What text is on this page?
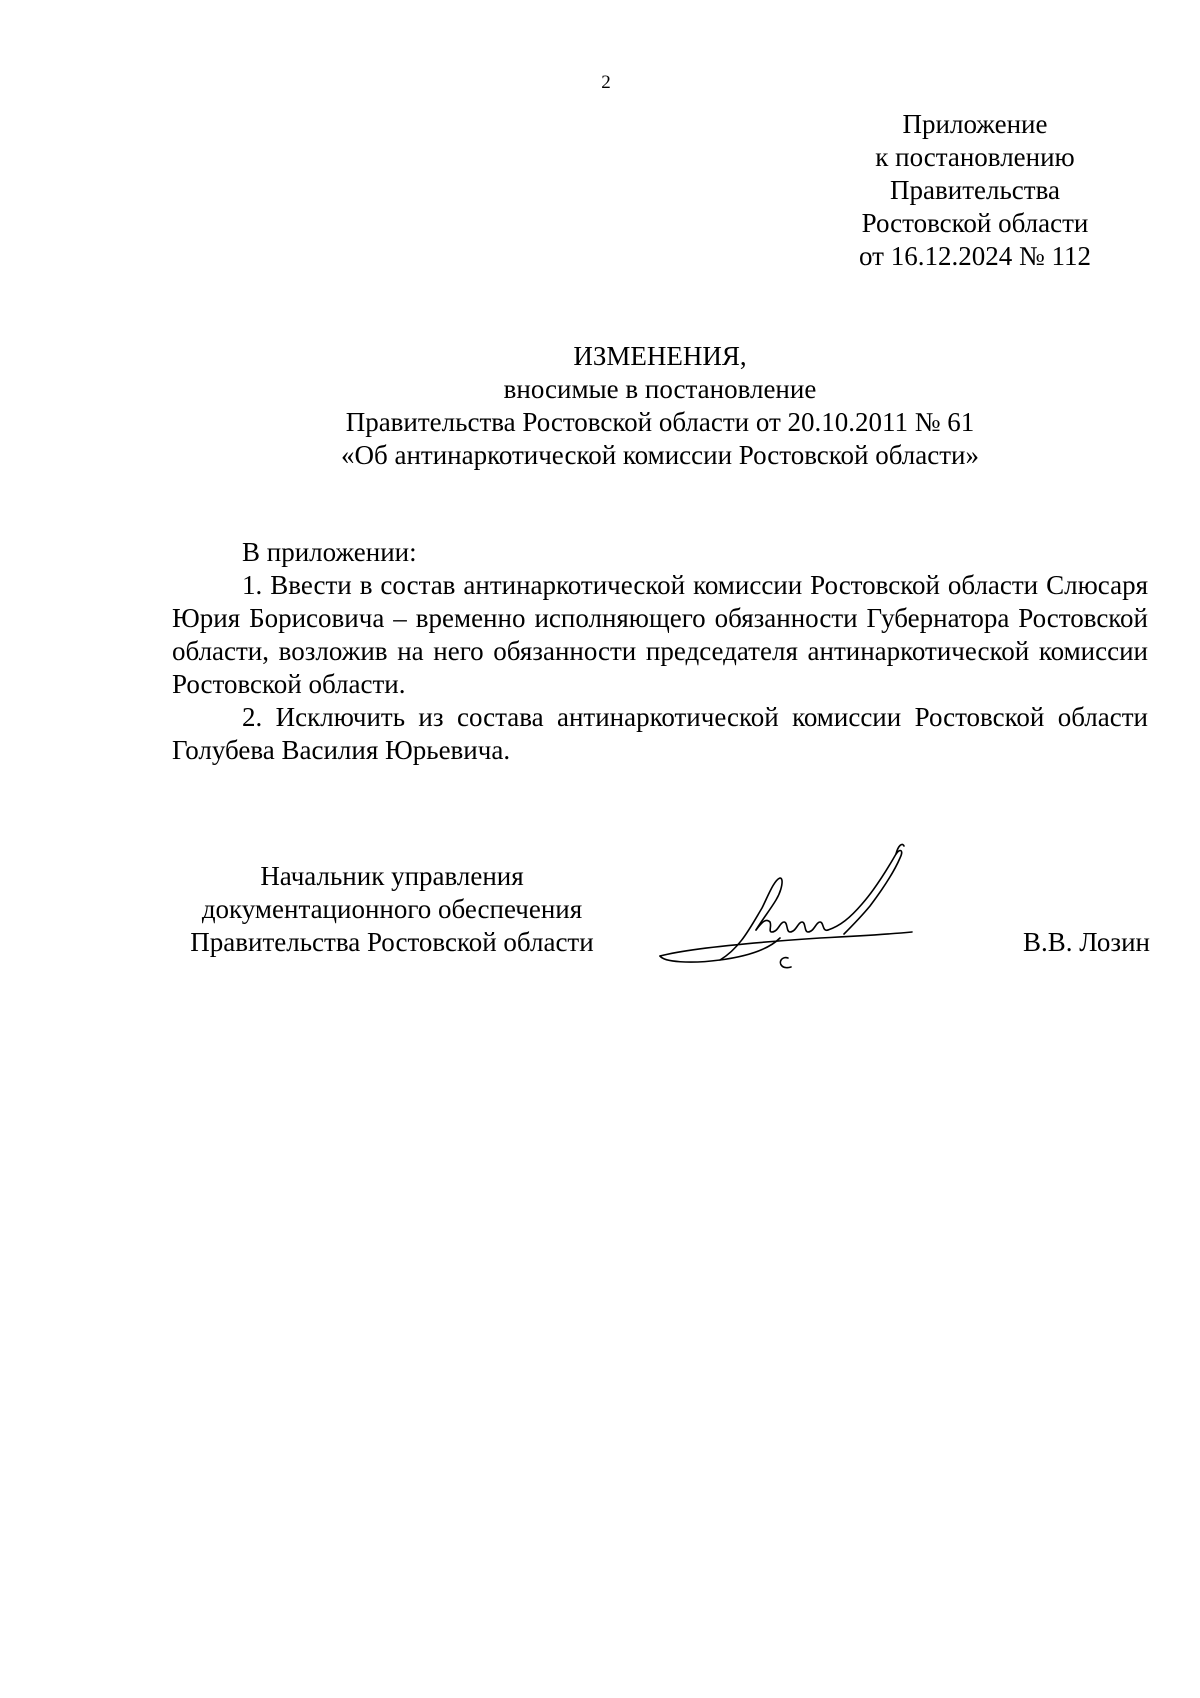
2
Приложение
к постановлению
Правительства
Ростовской области
от 16.12.2024 № 112
ИЗМЕНЕНИЯ,
вносимые в постановление
Правительства Ростовской области от 20.10.2011 № 61
«Об антинаркотической комиссии Ростовской области»

В приложении:

1. Ввести в состав антинаркотической комиссии Ростовской области Слюсаря Юрия Борисовича – временно исполняющего обязанности Губернатора Ростовской области, возложив на него обязанности председателя антинаркотической комиссии Ростовской области.

2. Исключить из состава антинаркотической комиссии Ростовской области Голубева Василия Юрьевича.

Начальник управления
документационного обеспечения
Правительства Ростовской области	В.В. Лозин
